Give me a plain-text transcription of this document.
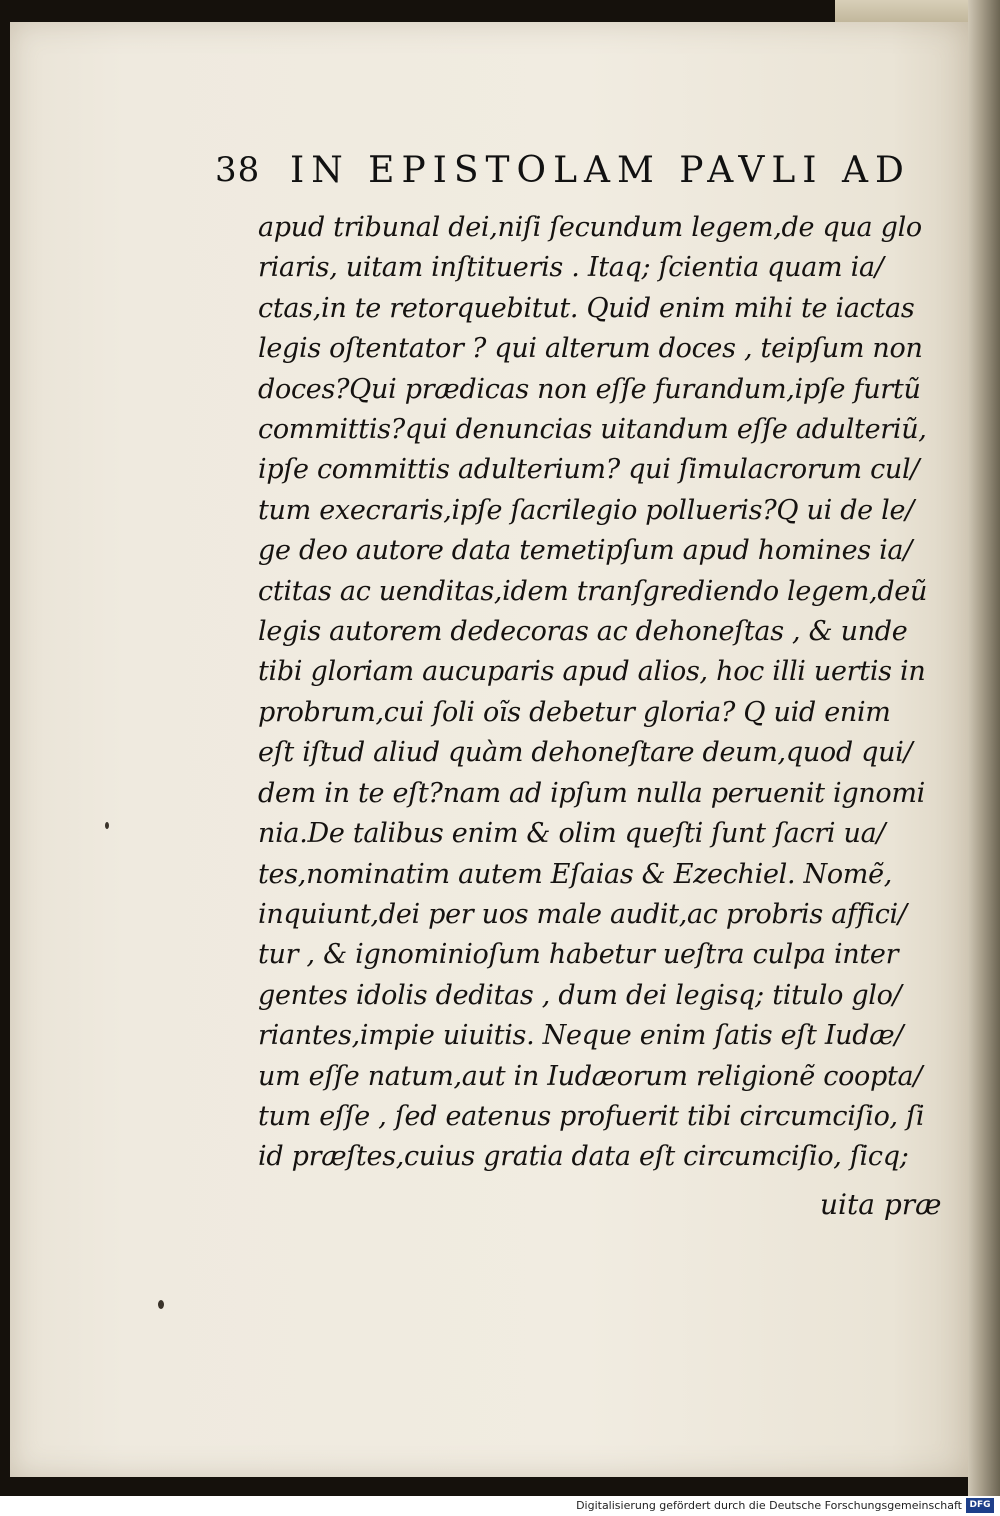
38 IN EPISTOLAM PAVLI AD
apud tribunal dei,niſi ſecundum legem,de qua glo
riaris, uitam inſtitueris . Itaq; ſcientia quam ia/
ctas,in te retorquebitut. Quid enim mihi te iactas
legis oſtentator ? qui alterum doces , teipſum non
doces?Qui prædicas non eſſe furandum,ipſe furtũ
committis?qui denuncias uitandum eſſe adulteriũ,
ipſe committis adulterium? qui ſimulacrorum cul/
tum execraris,ipſe ſacrilegio pollueris?Q ui de le/
ge deo autore data temetipſum apud homines ia/
ctitas ac uenditas,idem tranſgrediendo legem,deũ
legis autorem dedecoras ac dehoneſtas , & unde
tibi gloriam aucuparis apud alios, hoc illi uertis in
probrum,cui ſoli oĩs debetur gloria? Q uid enim
eſt iſtud aliud quàm dehoneſtare deum,quod qui/
dem in te eſt?nam ad ipſum nulla peruenit ignomi
nia.De talibus enim & olim queſti ſunt ſacri ua/
tes,nominatim autem Eſaias & Ezechiel. Nomẽ,
inquiunt,dei per uos male audit,ac probris affici/
tur , & ignominioſum habetur ueſtra culpa inter
gentes idolis deditas , dum dei legisq; titulo glo/
riantes,impie uiuitis. Neque enim ſatis eſt Iudæ/
um eſſe natum,aut in Iudæorum religionẽ coopta/
tum eſſe , ſed eatenus profuerit tibi circumciſio, ſi
id præſtes,cuius gratia data eſt circumciſio, ſicq;
uita præ
Digitalisierung gefördert durch die Deutsche Forschungsgemeinschaft DFG
